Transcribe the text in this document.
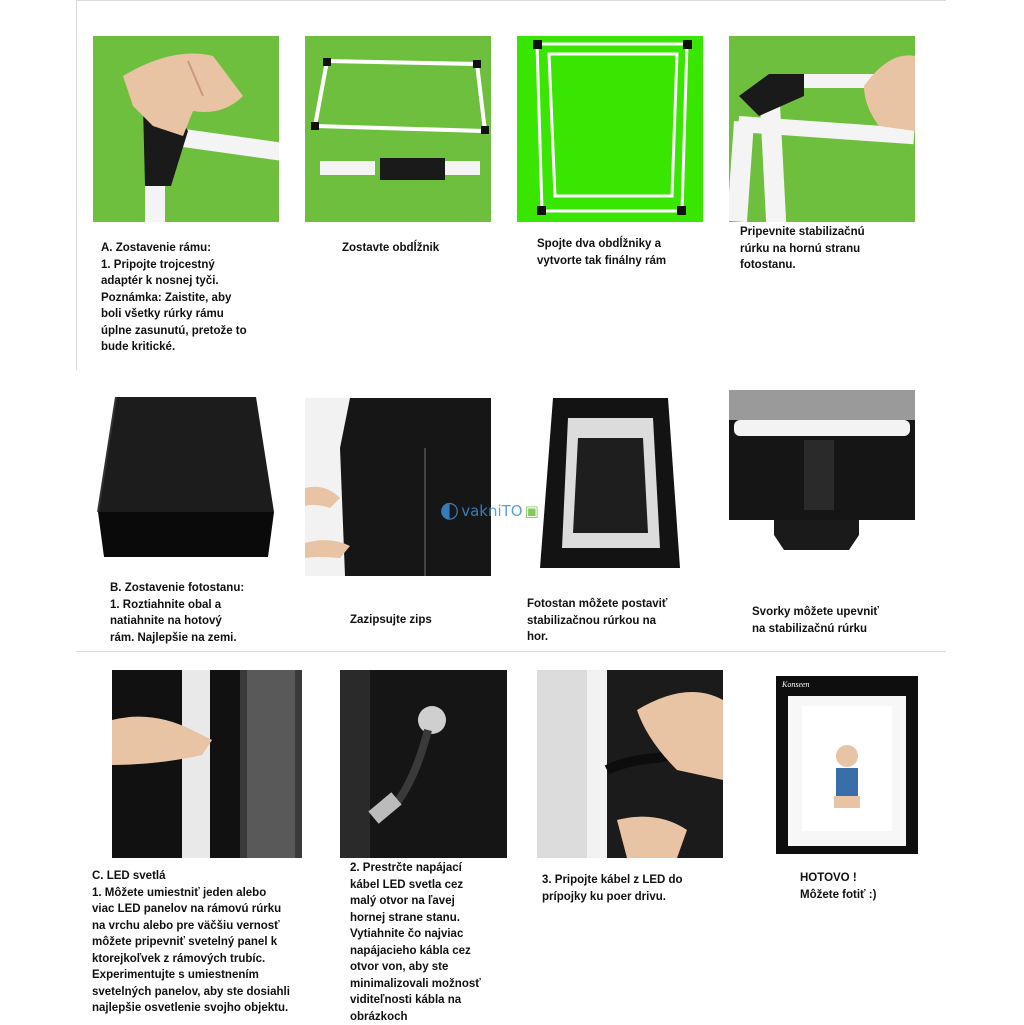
A. Zostavenie rámu:
1. Pripojte trojcestný
adaptér k nosnej tyči.
Poznámka: Zaistite, aby
boli všetky rúrky rámu
úplne zasunutú, pretože to
bude kritické.
Zostavte obdĺžnik	Spojte dva obdĺžniky a
vytvorte tak finálny rám
Pripevnite stabilizačnú
rúrku na hornú stranu
fotostanu.
B. Zostavenie fotostanu:
1. Roztiahnite obal a
natiahnite na hotový
rám. Najlepšie na zemi.
Zazipsujte zips
Fotostan môžete postaviť
stabilizačnou rúrkou na
hor.
Svorky môžete upevniť
na stabilizačnú rúrku
◐ vakniTO ▣
Konseen
C. LED svetlá
1. Môžete umiestniť jeden alebo
viac LED panelov na rámovú rúrku
na vrchu alebo pre väčšiu vernosť
môžete pripevniť svetelný panel k
ktorejkoľvek z rámových trubíc.
Experimentujte s umiestnením
svetelných panelov, aby ste dosiahli
najlepšie osvetlenie svojho objektu.
2. Prestrčte napájací
kábel LED svetla cez
malý otvor na ľavej
hornej strane stanu.
Vytiahnite čo najviac
napájacieho kábla cez
otvor von, aby ste
minimalizovali možnosť
viditeľnosti kábla na
obrázkoch
3. Pripojte kábel z LED do
prípojky ku poer drivu.
HOTOVO !
Môžete fotiť :)
